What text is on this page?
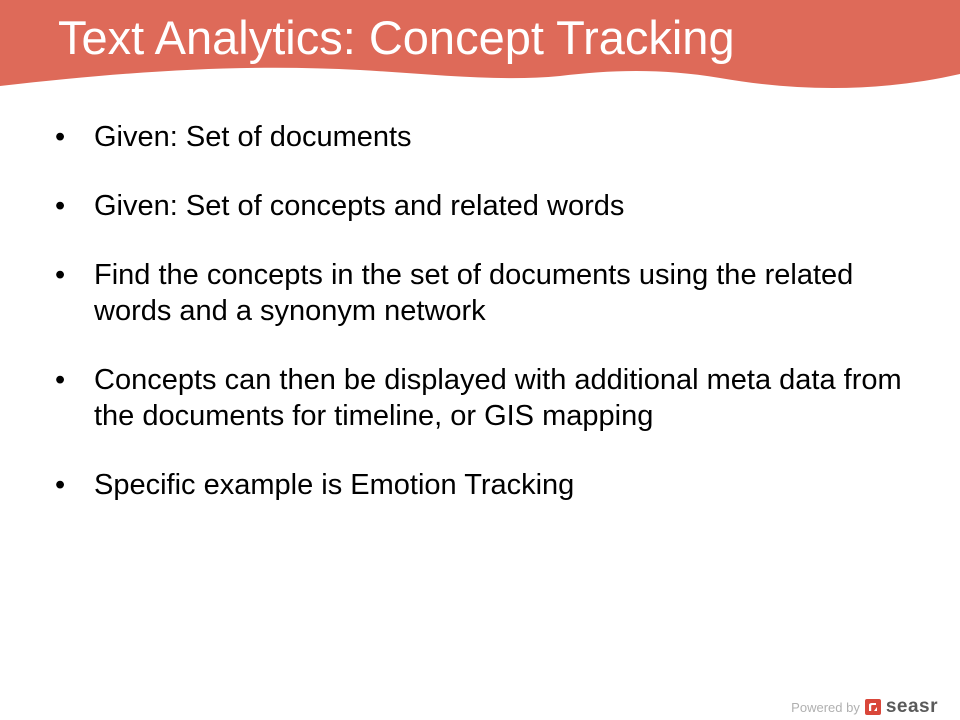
Text Analytics: Concept Tracking
• Given: Set of documents
• Given: Set of concepts and related words
• Find the concepts in the set of documents using the related words and a synonym network
• Concepts can then be displayed with additional meta data from the documents for timeline, or GIS mapping
• Specific example is Emotion Tracking
Powered by seasr
